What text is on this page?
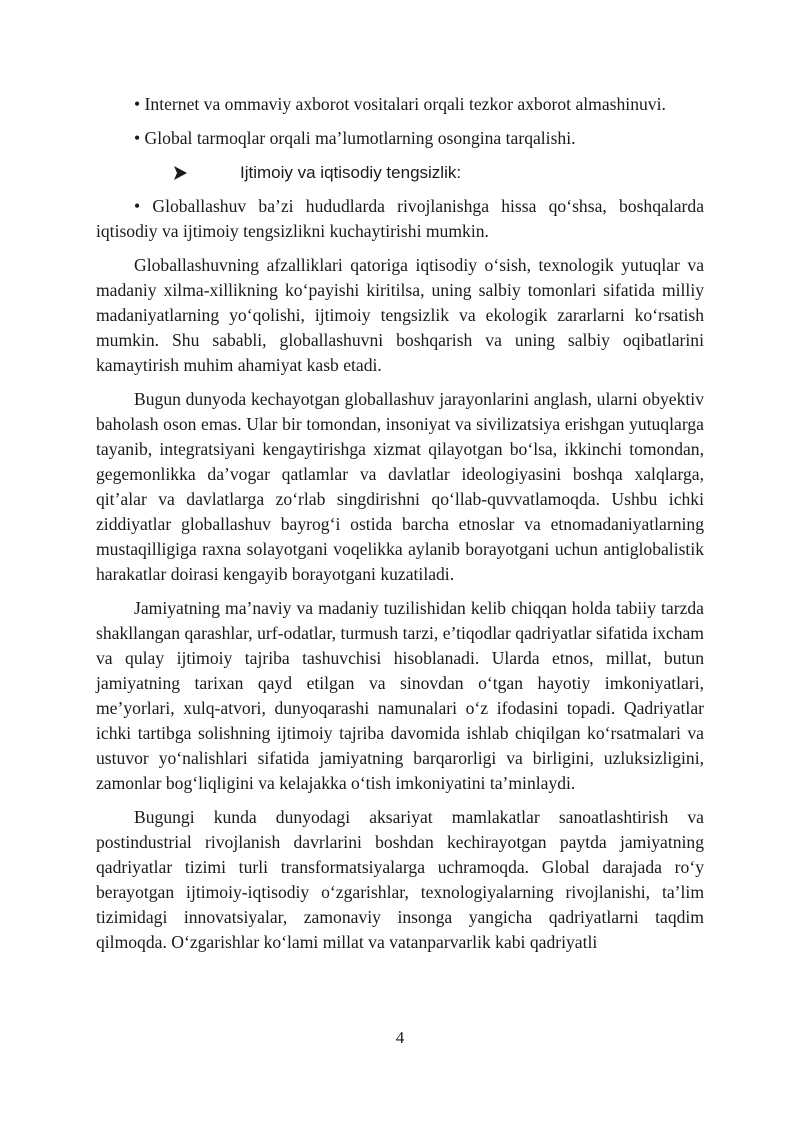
• Internet va ommaviy axborot vositalari orqali tezkor axborot almashinuvi.

• Global tarmoqlar orqali ma’lumotlarning osongina tarqalishi.

Ijtimoiy va iqtisodiy tengsizlik:

• Globallashuv ba’zi hududlarda rivojlanishga hissa qo‘shsa, boshqalarda iqtisodiy va ijtimoiy tengsizlikni kuchaytirishi mumkin.

Globallashuvning afzalliklari qatoriga iqtisodiy o‘sish, texnologik yutuqlar va madaniy xilma-xillikning ko‘payishi kiritilsa, uning salbiy tomonlari sifatida milliy madaniyatlarning yo‘qolishi, ijtimoiy tengsizlik va ekologik zararlarni ko‘rsatish mumkin. Shu sababli, globallashuvni boshqarish va uning salbiy oqibatlarini kamaytirish muhim ahamiyat kasb etadi.

Bugun dunyoda kechayotgan globallashuv jarayonlarini anglash, ularni obyektiv baholash oson emas. Ular bir tomondan, insoniyat va sivilizatsiya erishgan yutuqlarga tayanib, integratsiyani kengaytirishga xizmat qilayotgan bo‘lsa, ikkinchi tomondan, gegemonlikka da’vogar qatlamlar va davlatlar ideologiyasini boshqa xalqlarga, qit’alar va davlatlarga zo‘rlab singdirishni qo‘llab-quvvatlamoqda. Ushbu ichki ziddiyatlar globallashuv bayrog‘i ostida barcha etnoslar va etnomadaniyatlarning mustaqilligiga raxna solayotgani voqelikka aylanib borayotgani uchun antiglobalistik harakatlar doirasi kengayib borayotgani kuzatiladi.

Jamiyatning ma’naviy va madaniy tuzilishidan kelib chiqqan holda tabiiy tarzda shakllangan qarashlar, urf-odatlar, turmush tarzi, e’tiqodlar qadriyatlar sifatida ixcham va qulay ijtimoiy tajriba tashuvchisi hisoblanadi. Ularda etnos, millat, butun jamiyatning tarixan qayd etilgan va sinovdan o‘tgan hayotiy imkoniyatlari, me’yorlari, xulq-atvori, dunyoqarashi namunalari o‘z ifodasini topadi. Qadriyatlar ichki tartibga solishning ijtimoiy tajriba davomida ishlab chiqilgan ko‘rsatmalari va ustuvor yo‘nalishlari sifatida jamiyatning barqarorligi va birligini, uzluksizligini, zamonlar bog‘liqligini va kelajakka o‘tish imkoniyatini ta’minlaydi.

Bugungi kunda dunyodagi aksariyat mamlakatlar sanoatlashtirish va postindustrial rivojlanish davrlarini boshdan kechirayotgan paytda jamiyatning qadriyatlar tizimi turli transformatsiyalarga uchramoqda. Global darajada ro‘y berayotgan ijtimoiy-iqtisodiy o‘zgarishlar, texnologiyalarning rivojlanishi, ta’lim tizimidagi innovatsiyalar, zamonaviy insonga yangicha qadriyatlarni taqdim qilmoqda. O‘zgarishlar ko‘lami millat va vatanparvarlik kabi qadriyatli

4
